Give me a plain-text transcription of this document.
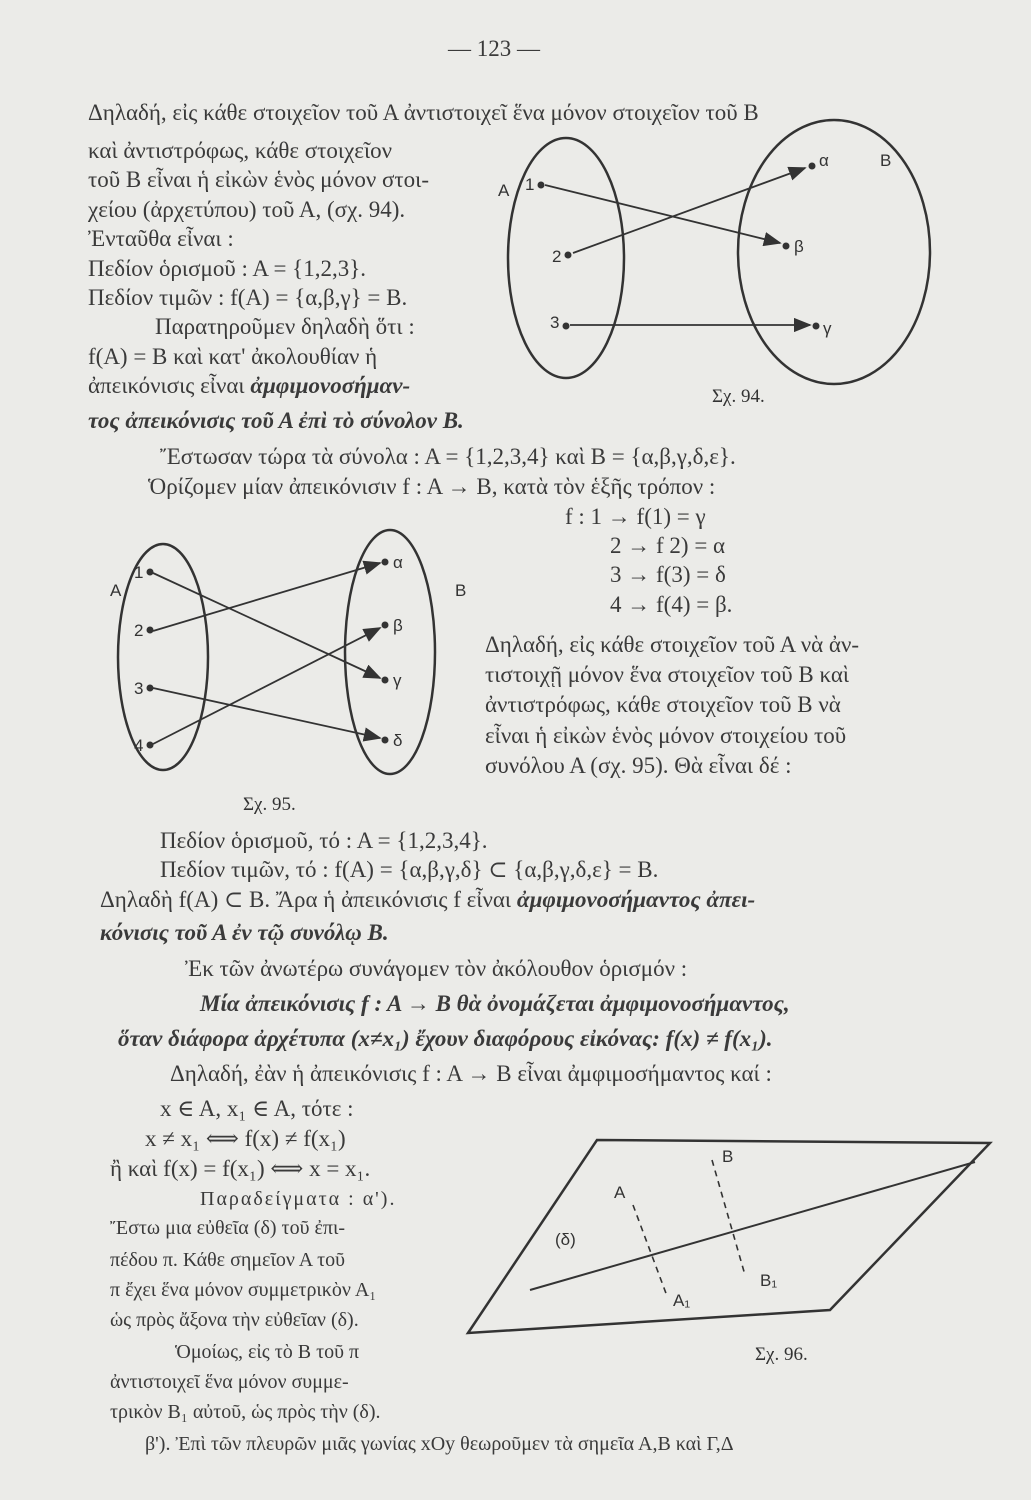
— 123 —
Δηλαδή, εἰς κάθε στοιχεῖον τοῦ Α ἀντιστοιχεῖ ἕνα μόνον στοιχεῖον τοῦ Β
καὶ ἀντιστρόφως, κάθε στοιχεῖον
τοῦ Β εἶναι ἡ εἰκὼν ἑνὸς μόνον στοι-
χείου (ἀρχετύπου) τοῦ Α, (σχ. 94).
Ἐνταῦθα εἶναι :
Πεδίον ὁρισμοῦ : Α = {1,2,3}.
Πεδίον τιμῶν : f(A) = {α,β,γ} = B.
Παρατηροῦμεν δηλαδὴ ὅτι :
f(A) = B καὶ κατ' ἀκολουθίαν ἡ
ἀπεικόνισις εἶναι ἀμφιμονοσήμαν-
τος ἀπεικόνισις τοῦ Α ἐπὶ τὸ σύνολον Β.
Ἔστωσαν τώρα τὰ σύνολα : Α = {1,2,3,4} καὶ Β = {α,β,γ,δ,ε}.
Ὁρίζομεν μίαν ἀπεικόνισιν f : A → B, κατὰ τὸν ἑξῆς τρόπον :
f : 1 → f(1) = γ
2 → f 2) = α
3 → f(3) = δ
4 → f(4) = β.
Δηλαδή, εἰς κάθε στοιχεῖον τοῦ Α νὰ ἀν-
τιστοιχῇ μόνον ἕνα στοιχεῖον τοῦ Β καὶ
ἀντιστρόφως, κάθε στοιχεῖον τοῦ Β νὰ
εἶναι ἡ εἰκὼν ἑνὸς μόνον στοιχείου τοῦ
συνόλου Α (σχ. 95). Θὰ εἶναι δέ :
Πεδίον ὁρισμοῦ, τό : Α = {1,2,3,4}.
Πεδίον τιμῶν, τό : f(A) = {α,β,γ,δ} ⊂ {α,β,γ,δ,ε} = Β.
Δηλαδὴ f(A) ⊂ B. Ἄρα ἡ ἀπεικόνισις f εἶναι ἀμφιμονοσήμαντος ἀπει-
κόνισις τοῦ Α ἐν τῷ συνόλῳ Β.
Ἐκ τῶν ἀνωτέρω συνάγομεν τὸν ἀκόλουθον ὁρισμόν :
Μία ἀπεικόνισις f : A → B θὰ ὀνομάζεται ἀμφιμονοσήμαντος,
ὅταν διάφορα ἀρχέτυπα (x≠x₁) ἔχουν διαφόρους εἰκόνας: f(x) ≠ f(x₁).
Δηλαδή, ἐὰν ἡ ἀπεικόνισις f : A → B εἶναι ἀμφιμοσήμαντος καί :
x ∈ A, x₁ ∈ A, τότε :
x ≠ x₁ ⟺ f(x) ≠ f(x₁)
ἢ καὶ f(x) = f(x₁) ⟺ x = x₁.
Παραδείγματα : α').
Ἔστω μια εὐθεῖα (δ) τοῦ ἐπι-
πέδου π. Κάθε σημεῖον Α τοῦ
π ἔχει ἕνα μόνον συμμετρικὸν Α₁
ὡς πρὸς ἄξονα τὴν εὐθεῖαν (δ).
Ὁμοίως, εἰς τὸ Β τοῦ π
ἀντιστοιχεῖ ἕνα μόνον συμμε-
τρικὸν Β₁ αὐτοῦ, ὡς πρὸς τὴν (δ).
β'). Ἐπὶ τῶν πλευρῶν μιᾶς γωνίας xOy θεωροῦμεν τὰ σημεῖα Α,Β καὶ Γ,Δ
A
B
1
2
3
α
β
γ
Σχ. 94.
A	B
1
2
3
4
α
β
γ
δ
Σχ. 95.
A
B
A₁
B₁
(δ)
Σχ. 96.
